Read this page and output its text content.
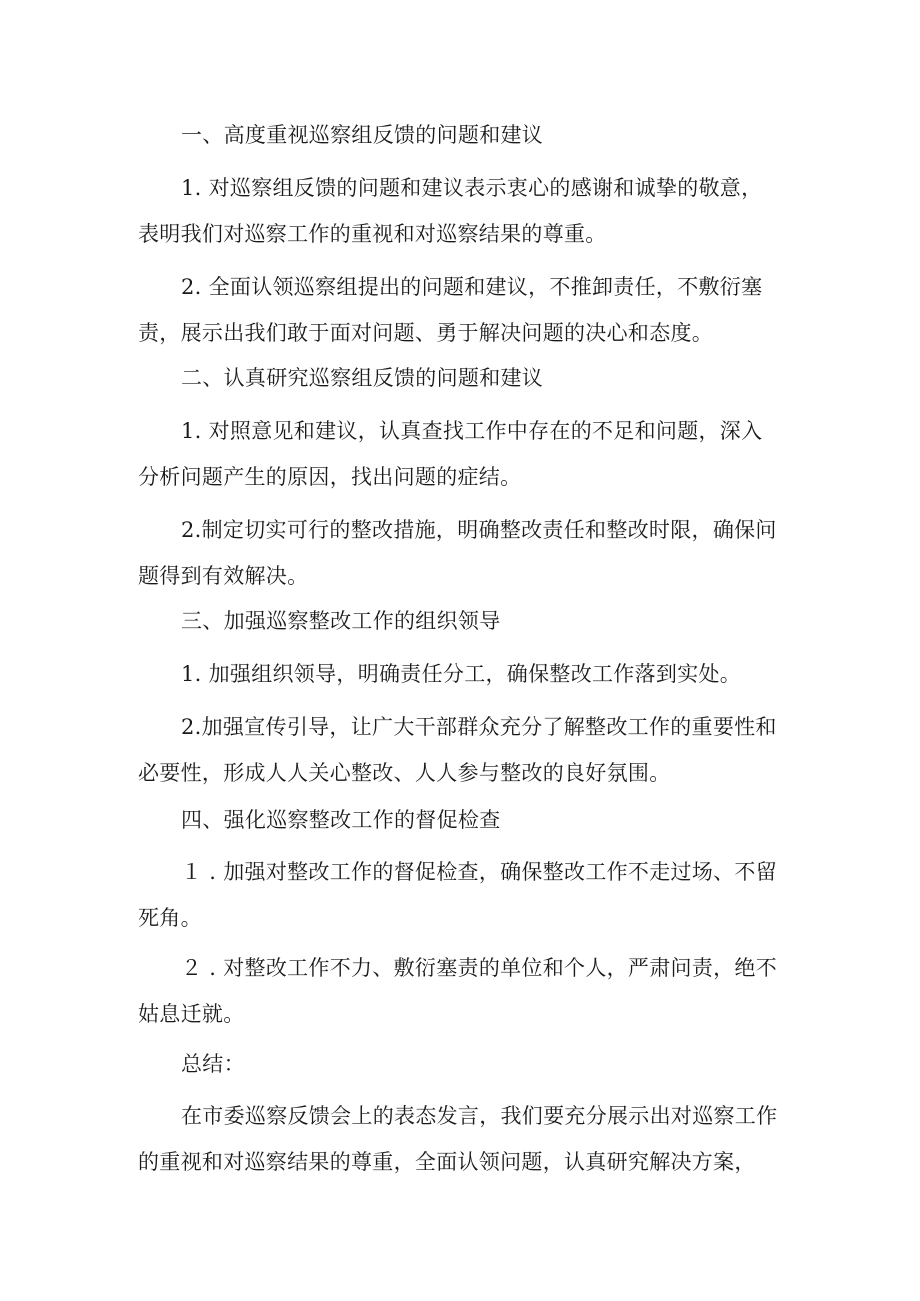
一、高度重视巡察组反馈的问题和建议

1. 对巡察组反馈的问题和建议表示衷心的感谢和诚挚的敬意，表明我们对巡察工作的重视和对巡察结果的尊重。

2. 全面认领巡察组提出的问题和建议，不推卸责任，不敷衍塞责，展示出我们敢于面对问题、勇于解决问题的决心和态度。

二、认真研究巡察组反馈的问题和建议

1. 对照意见和建议，认真查找工作中存在的不足和问题，深入分析问题产生的原因，找出问题的症结。

2.制定切实可行的整改措施，明确整改责任和整改时限，确保问题得到有效解决。

三、加强巡察整改工作的组织领导

1. 加强组织领导，明确责任分工，确保整改工作落到实处。

2.加强宣传引导，让广大干部群众充分了解整改工作的重要性和必要性，形成人人关心整改、人人参与整改的良好氛围。

四、强化巡察整改工作的督促检查

１ . 加强对整改工作的督促检查，确保整改工作不走过场、不留死角。

２ . 对整改工作不力、敷衍塞责的单位和个人，严肃问责，绝不姑息迁就。

总结：

在市委巡察反馈会上的表态发言，我们要充分展示出对巡察工作的重视和对巡察结果的尊重，全面认领问题，认真研究解决方案，
